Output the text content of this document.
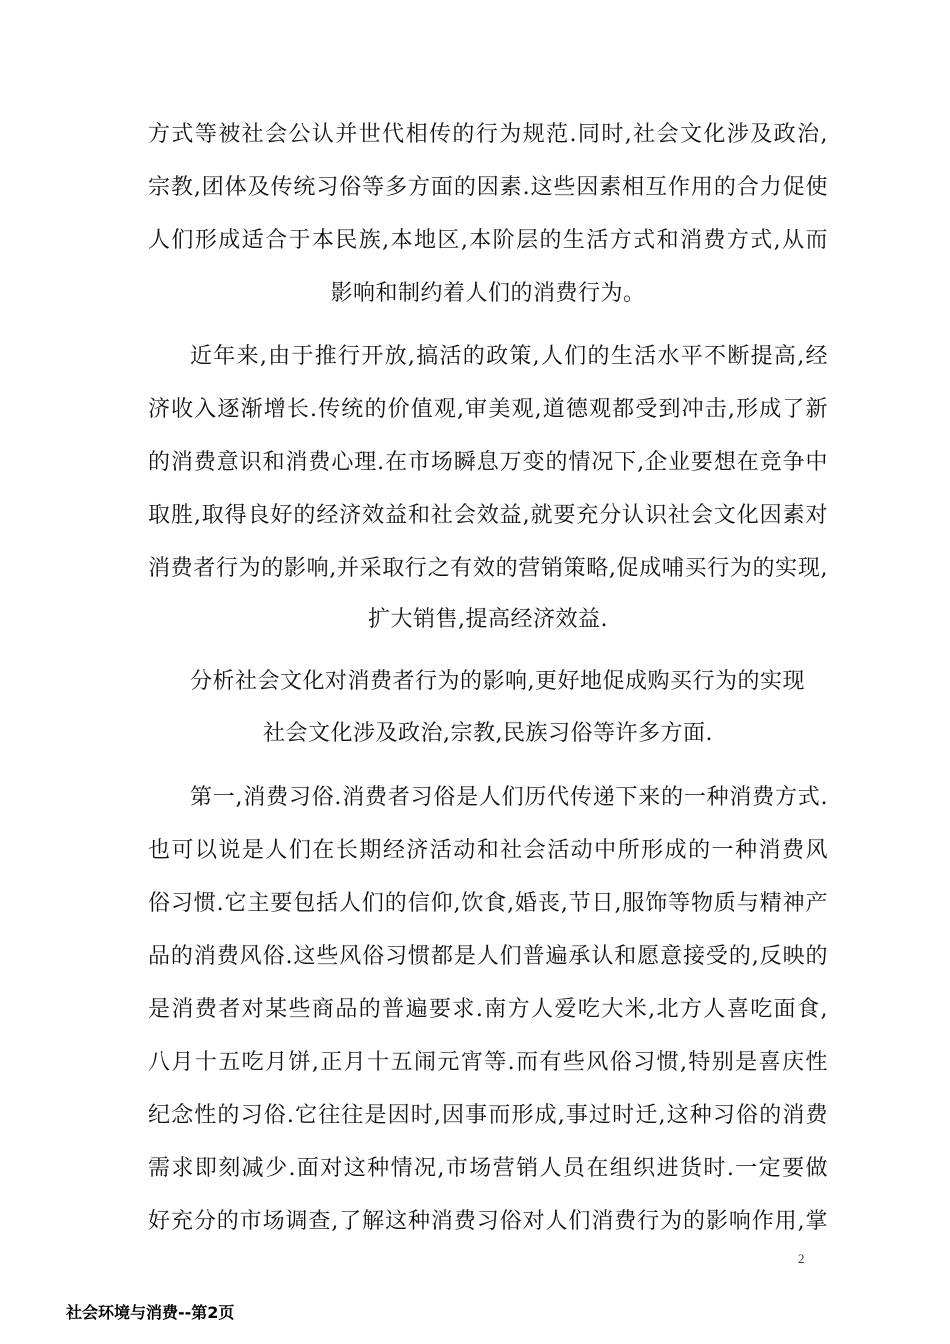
方式等被社会公认并世代相传的行为规范.同时,社会文化涉及政治,
宗教,团体及传统习俗等多方面的因素.这些因素相互作用的合力促使
人们形成适合于本民族,本地区,本阶层的生活方式和消费方式,从而
影响和制约着人们的消费行为。
近年来,由于推行开放,搞活的政策,人们的生活水平不断提高,经
济收入逐渐增长.传统的价值观,审美观,道德观都受到冲击,形成了新
的消费意识和消费心理.在市场瞬息万变的情况下,企业要想在竞争中
取胜,取得良好的经济效益和社会效益,就要充分认识社会文化因素对
消费者行为的影响,并采取行之有效的营销策略,促成哺买行为的实现,
扩大销售,提高经济效益.
分析社会文化对消费者行为的影响,更好地促成购买行为的实现
社会文化涉及政治,宗教,民族习俗等许多方面.
第一,消费习俗.消费者习俗是人们历代传递下来的一种消费方式.
也可以说是人们在长期经济活动和社会活动中所形成的一种消费风
俗习惯.它主要包括人们的信仰,饮食,婚丧,节日,服饰等物质与精神产
品的消费风俗.这些风俗习惯都是人们普遍承认和愿意接受的,反映的
是消费者对某些商品的普遍要求.南方人爱吃大米,北方人喜吃面食,
八月十五吃月饼,正月十五闹元宵等.而有些风俗习惯,特别是喜庆性
纪念性的习俗.它往往是因时,因事而形成,事过时迁,这种习俗的消费
需求即刻减少.面对这种情况,市场营销人员在组织进货时.一定要做
好充分的市场调查,了解这种消费习俗对人们消费行为的影响作用,掌
2
社会环境与消费--第2页
